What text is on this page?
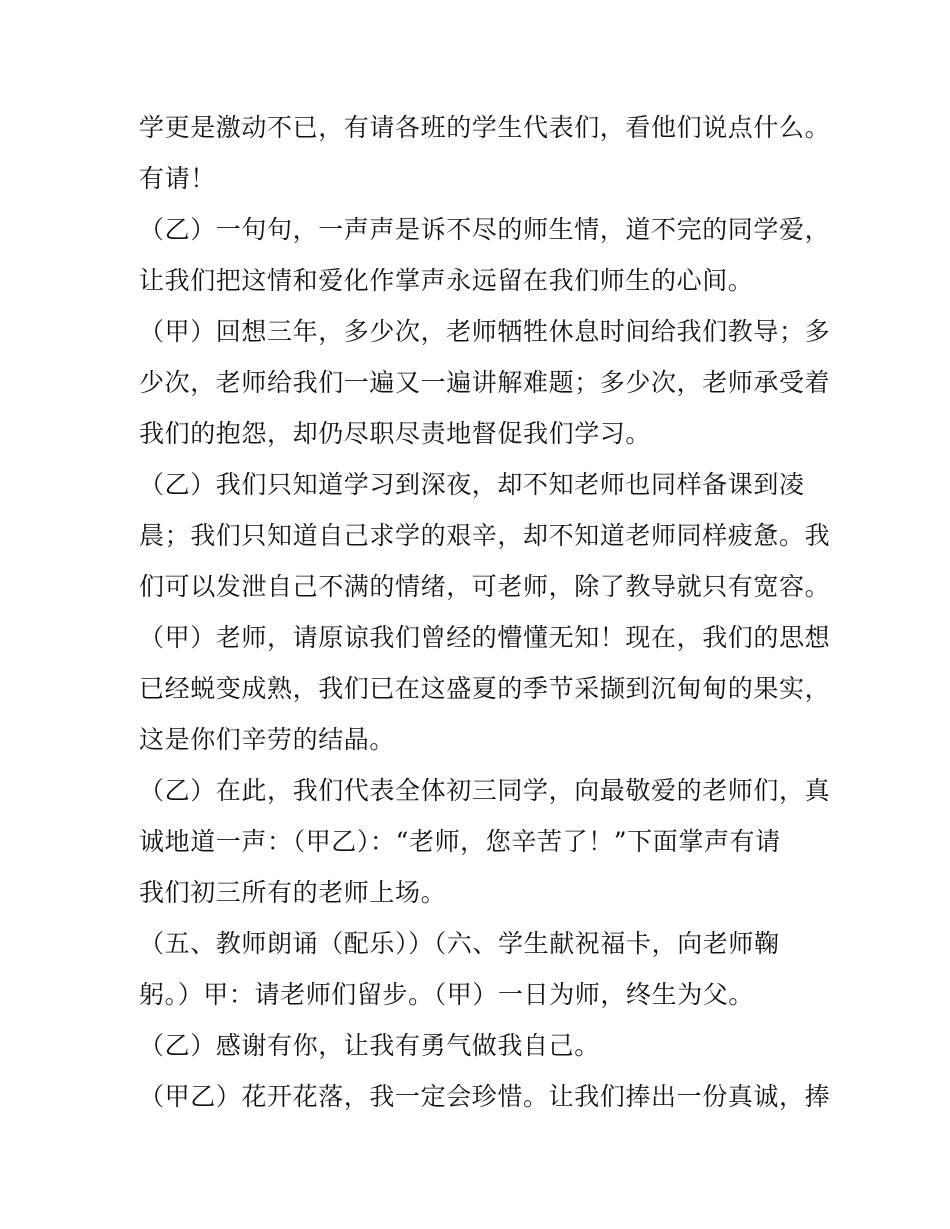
学更是激动不已，有请各班的学生代表们，看他们说点什么。
有请！
（乙）一句句，一声声是诉不尽的师生情，道不完的同学爱，
让我们把这情和爱化作掌声永远留在我们师生的心间。
（甲）回想三年，多少次，老师牺牲休息时间给我们教导；多
少次，老师给我们一遍又一遍讲解难题；多少次，老师承受着
我们的抱怨，却仍尽职尽责地督促我们学习。
（乙）我们只知道学习到深夜，却不知老师也同样备课到凌
晨；我们只知道自己求学的艰辛，却不知道老师同样疲惫。我
们可以发泄自己不满的情绪，可老师，除了教导就只有宽容。
（甲）老师，请原谅我们曾经的懵懂无知！现在，我们的思想
已经蜕变成熟，我们已在这盛夏的季节采撷到沉甸甸的果实，
这是你们辛劳的结晶。
（乙）在此，我们代表全体初三同学，向最敬爱的老师们，真
诚地道一声：（甲乙）：“老师，您辛苦了！”下面掌声有请
我们初三所有的老师上场。
（五、教师朗诵（配乐））（六、学生献祝福卡，向老师鞠
躬。）甲：请老师们留步。（甲）一日为师，终生为父。
（乙）感谢有你，让我有勇气做我自己。
（甲乙）花开花落，我一定会珍惜。让我们捧出一份真诚，捧
